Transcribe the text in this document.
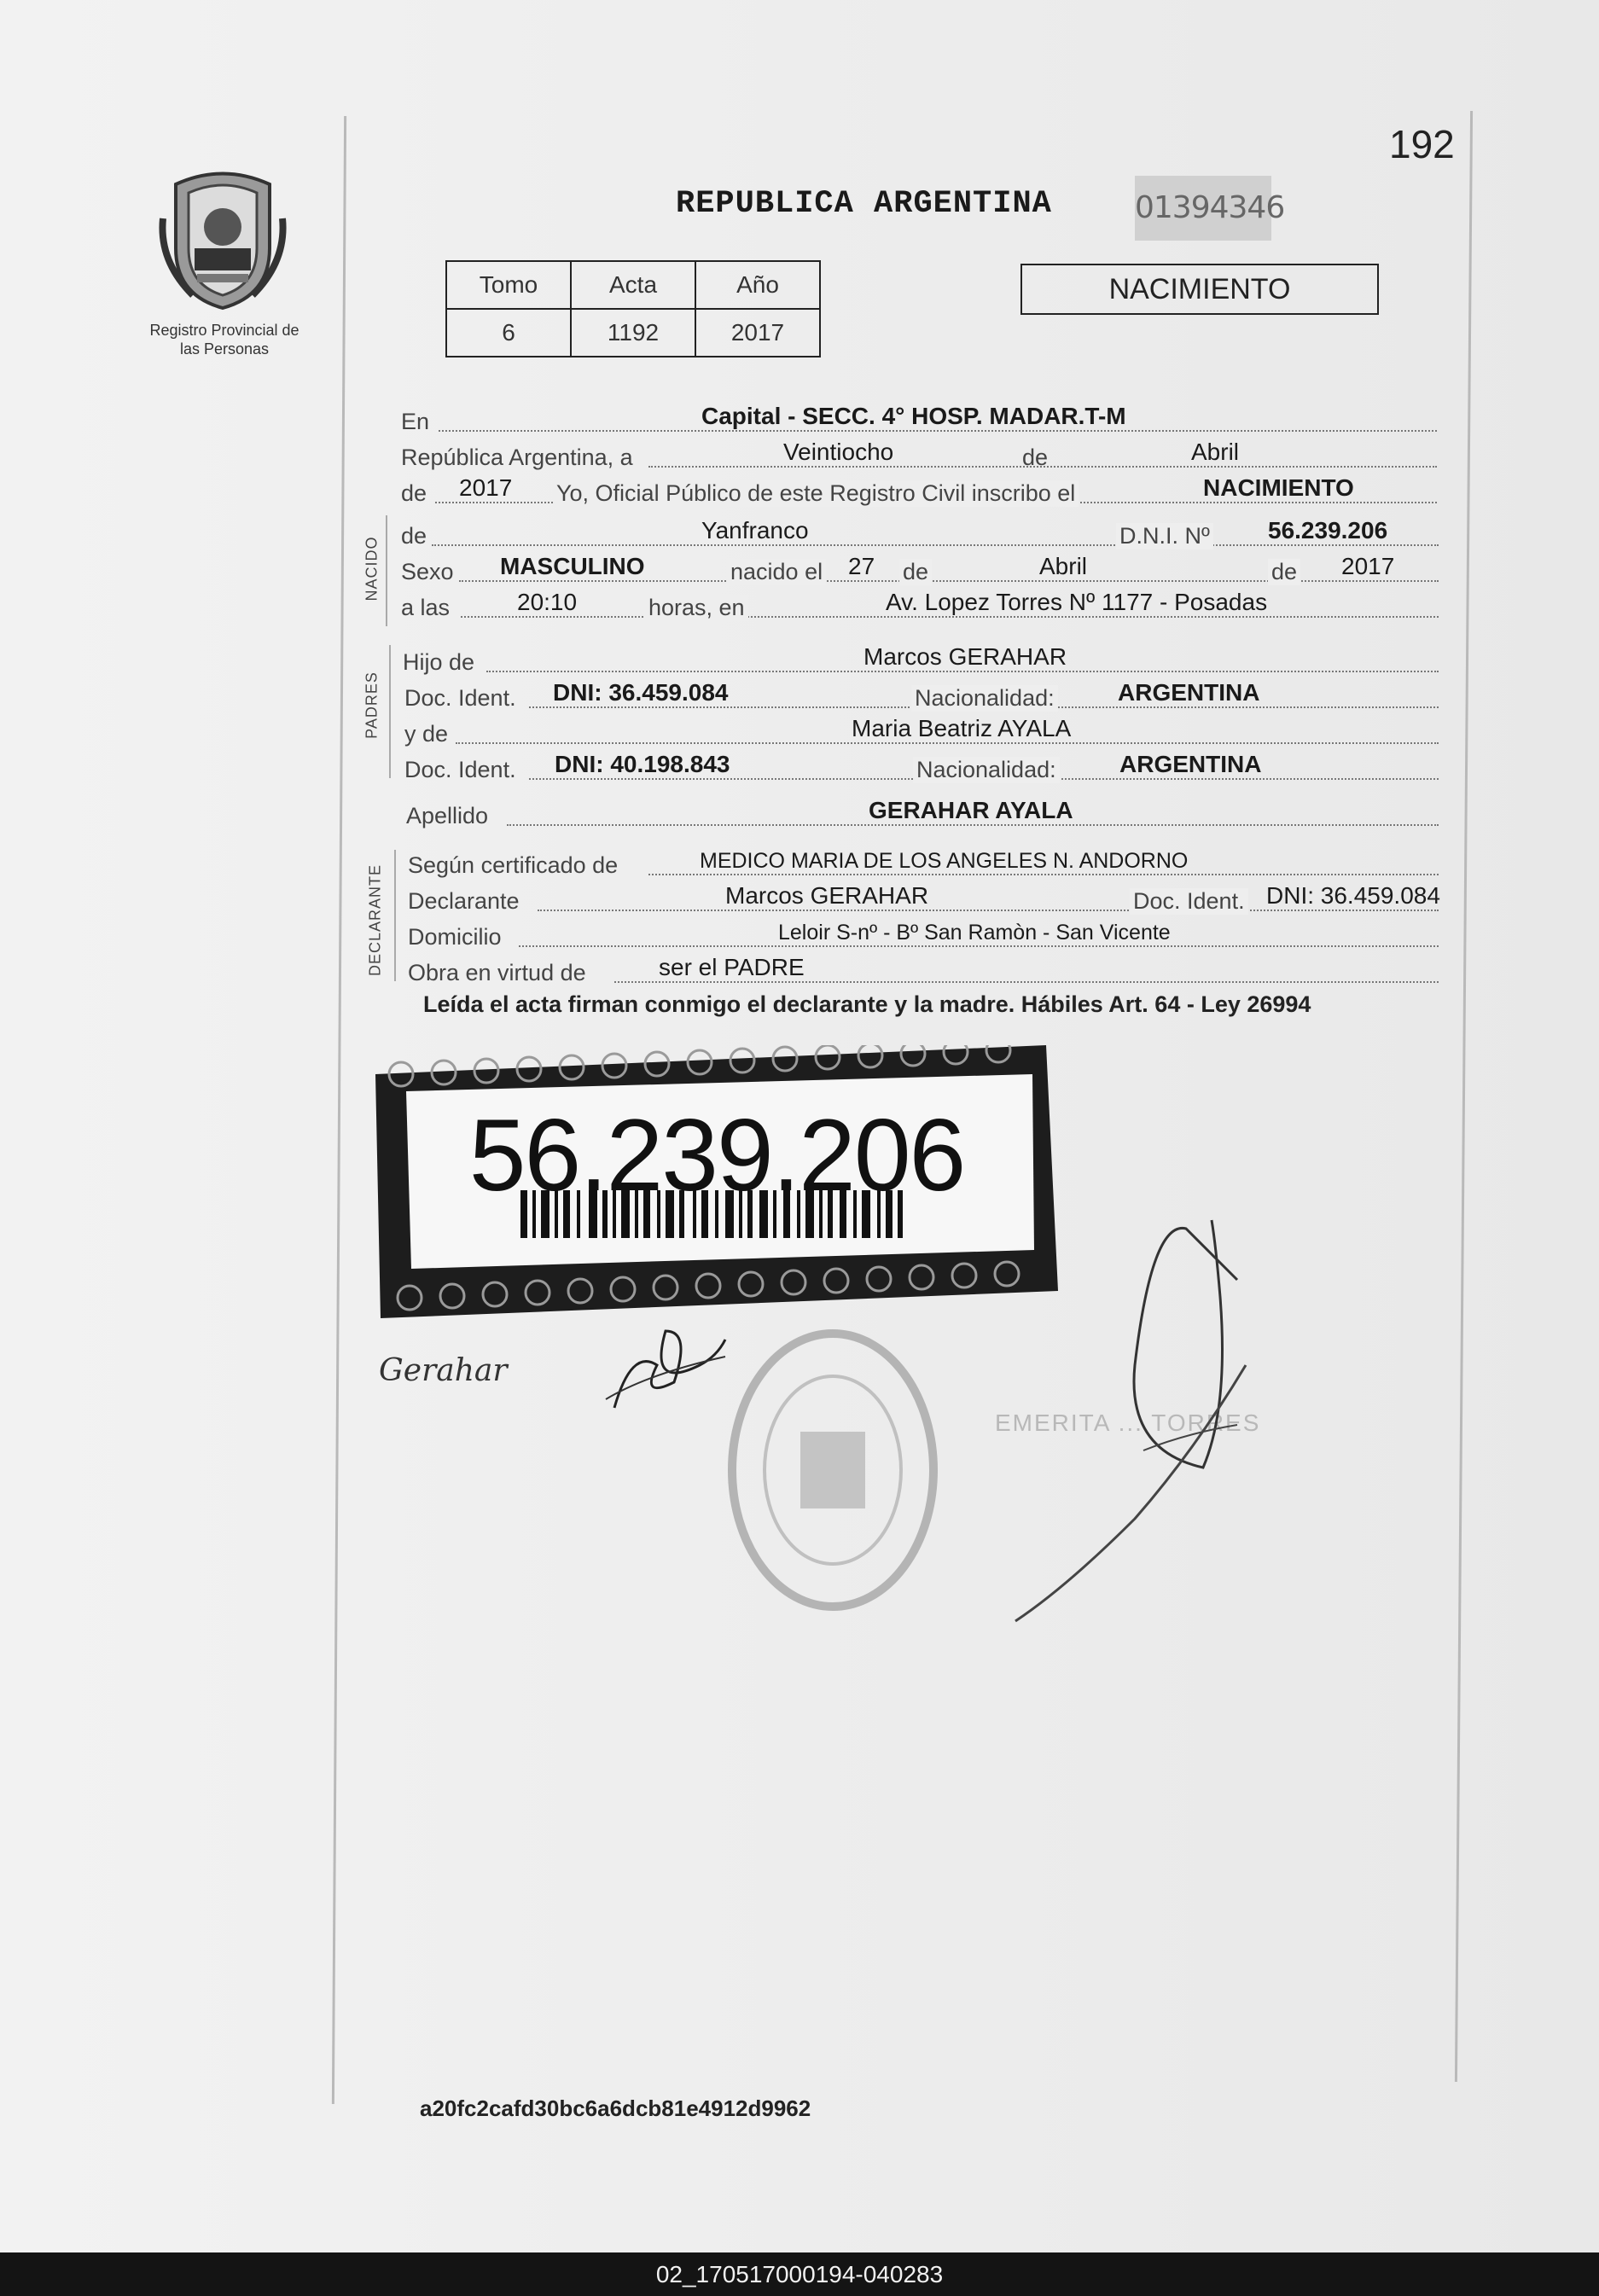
192
Registro Provincial de las Personas
REPUBLICA ARGENTINA	01394346
Tomo	Acta	Año
6	1192	2017
NACIMIENTO
En	Capital - SECC. 4° HOSP. MADAR.T-M
República Argentina, a	Veintiocho	de	Abril
de 2017 Yo, Oficial Público de este Registro Civil inscribo el	NACIMIENTO
NACIDO
de	Yanfranco	D.N.I. Nº 56.239.206
Sexo MASCULINO	nacido el 27 de	Abril	de 2017
a las	20:10	horas, en	Av. Lopez Torres Nº 1177 - Posadas
PADRES
Hijo de	Marcos GERAHAR
Doc. Ident. DNI: 36.459.084	Nacionalidad:	ARGENTINA
y de	Maria Beatriz AYALA
Doc. Ident. DNI: 40.198.843	Nacionalidad:	ARGENTINA
Apellido	GERAHAR AYALA
DECLARANTE Según certificado de	MEDICO MARIA DE LOS ANGELES N. ANDORNO
Declarante	Marcos GERAHAR	Doc. Ident. DNI: 36.459.084
Domicilio	Leloir S-nº - Bº San Ramòn - San Vicente
Obra en virtud de	ser el PADRE
Leída el acta firman conmigo el declarante y la madre. Hábiles Art. 64 - Ley 26994
56.239.206
Gerahar
EMERITA ... TORRES
a20fc2cafd30bc6a6dcb81e4912d9962
02_170517000194-040283
